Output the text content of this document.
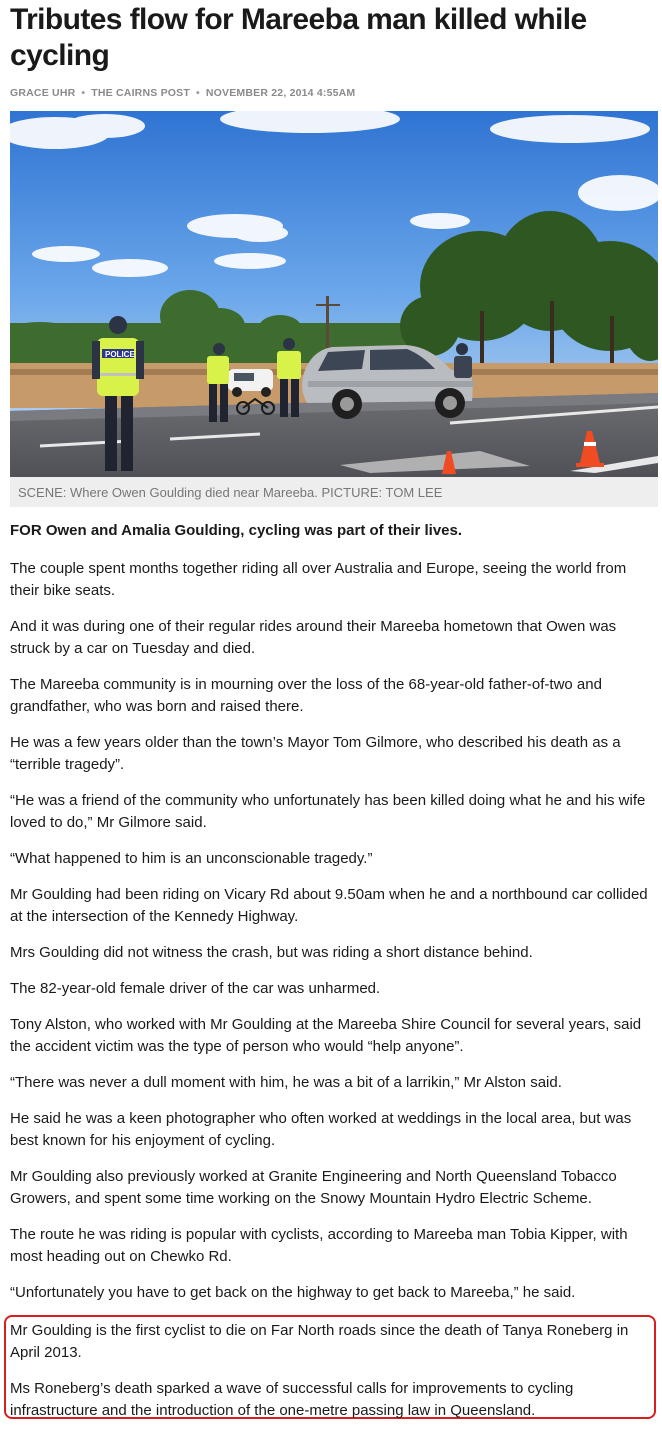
Tributes flow for Mareeba man killed while cycling
GRACE UHR • THE CAIRNS POST • NOVEMBER 22, 2014 4:55AM
POLICE
SCENE: Where Owen Goulding died near Mareeba. PICTURE: TOM LEE

FOR Owen and Amalia Goulding, cycling was part of their lives.

The couple spent months together riding all over Australia and Europe, seeing the world from their bike seats.

And it was during one of their regular rides around their Mareeba hometown that Owen was struck by a car on Tuesday and died.

The Mareeba community is in mourning over the loss of the 68-year-old father-of-two and grandfather, who was born and raised there.

He was a few years older than the town’s Mayor Tom Gilmore, who described his death as a “terrible tragedy”.

“He was a friend of the community who unfortunately has been killed doing what he and his wife loved to do,” Mr Gilmore said.

“What happened to him is an unconscionable tragedy.”

Mr Goulding had been riding on Vicary Rd about 9.50am when he and a northbound car collided at the intersection of the Kennedy Highway.

Mrs Goulding did not witness the crash, but was riding a short distance behind.

The 82-year-old female driver of the car was unharmed.

Tony Alston, who worked with Mr Goulding at the Mareeba Shire Council for several years, said the accident victim was the type of person who would “help anyone”.

“There was never a dull moment with him, he was a bit of a larrikin,” Mr Alston said.

He said he was a keen photographer who often worked at weddings in the local area, but was best known for his enjoyment of cycling.

Mr Goulding also previously worked at Granite Engineering and North Queensland Tobacco Growers, and spent some time working on the Snowy Mountain Hydro Electric Scheme.

The route he was riding is popular with cyclists, according to Mareeba man Tobia Kipper, with most heading out on Chewko Rd.

“Unfortunately you have to get back on the highway to get back to Mareeba,” he said.

Mr Goulding is the first cyclist to die on Far North roads since the death of Tanya Roneberg in April 2013.

Ms Roneberg’s death sparked a wave of successful calls for improvements to cycling infrastructure and the introduction of the one-metre passing law in Queensland.
